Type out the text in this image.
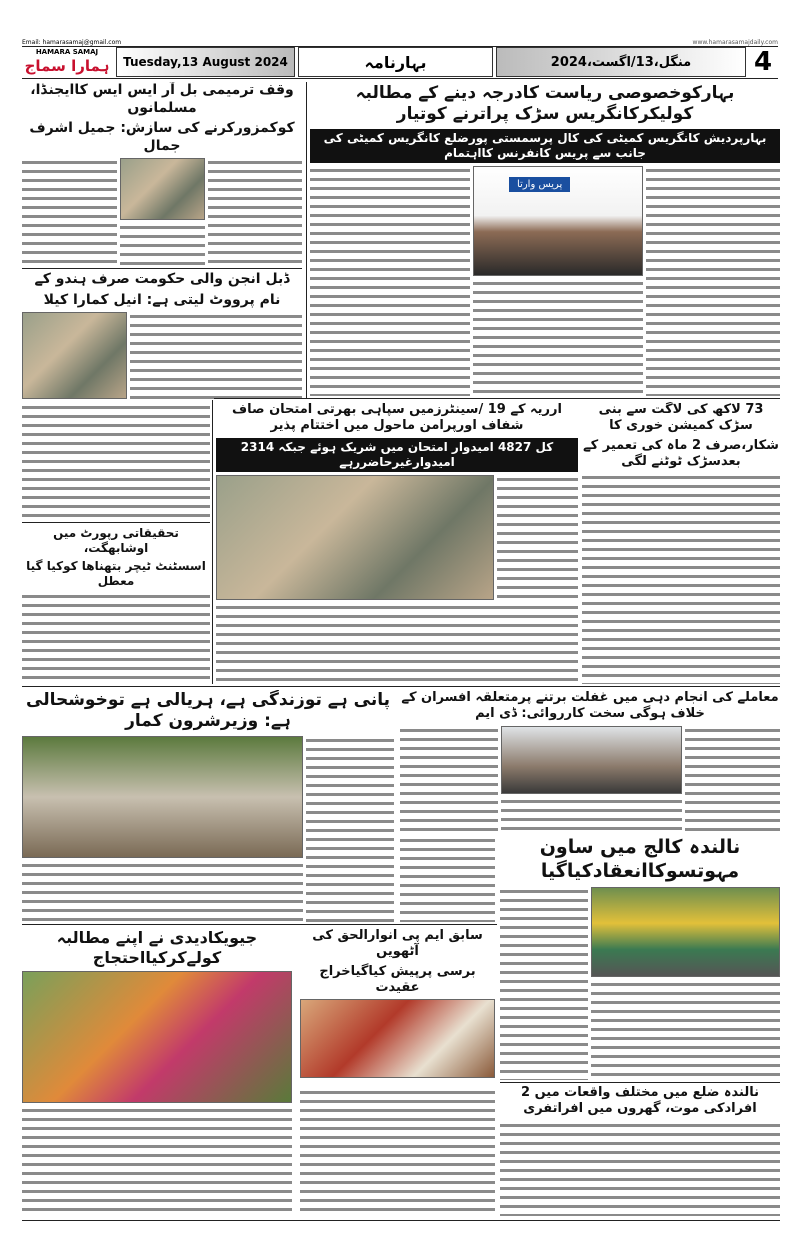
Email: hamarasamaj@gmail.com	www.hamarasamajdaily.com
HAMARA SAMAJ
ہمارا سماج	Tuesday,13 August 2024	بہارنامہ	منگل،13/اگست،2024	4
وقف ترمیمی بل آر ایس ایس کاایجنڈا، مسلمانوں
کوکمزورکرنے کی سازش: جمیل اشرف جمال
ڈبل انجن والی حکومت صرف ہندو کے
نام پرووٹ لیتی ہے: انیل کمارا کیلا
تحقیقاتی رپورٹ میں اوشابھگت،
اسسٹنٹ ٹیچر بتھناھا کوکیا گیا معطل
بہارکوخصوصی ریاست کادرجہ دینے کے مطالبہ کولیکرکانگریس سڑک پراترنے کوتیار
بہارپردیش کانگریس کمیٹی کی کال پرسمستی پورضلع کانگریس کمیٹی کی جانب سے پریس کانفرنس کااہتمام
پریس وارتا
73 لاکھ کی لاگت سے بنی سڑک کمیشن خوری کا
شکار،صرف 2 ماہ کی تعمیر کے بعدسڑک ٹوٹنے لگی
ارریہ کے 19 /سینٹرزمیں سپاہی بھرتی امتحان صاف شفاف اورپرامن ماحول میں اختتام پذیر
کل 4827 امیدوار امتحان میں شریک ہوئے جبکہ 2314 امیدوارغیرحاضررہے
معاملے کی انجام دہی میں غفلت برتنے پرمتعلقہ افسران کے خلاف ہوگی سخت کارروائی: ڈی ایم
پانی ہے توزندگی ہے، ہریالی ہے توخوشحالی ہے: وزیرشرون کمار
نالندہ کالج میں ساون مہوتسوکاانعقادکیاگیا
سابق ایم پی انوارالحق کی آٹھویں
برسی پرپیش کیاگیاخراج عقیدت
جیویکادیدی نے اپنے مطالبہ کولےکرکیااحتجاج
نالندہ ضلع میں مختلف واقعات میں 2 افرادکی موت، گھروں میں افراتفری
